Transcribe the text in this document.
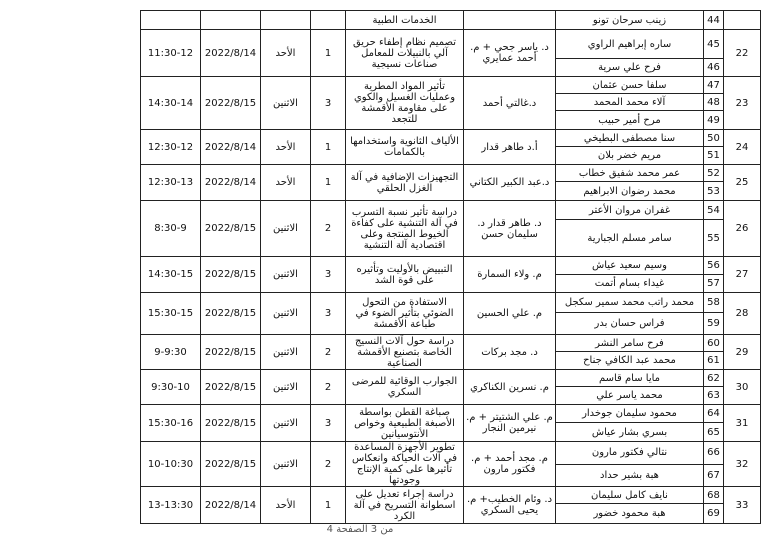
	44	زينب سرحان تونو		الخدمات الطبية				
22	45	ساره إبراهيم الراوي	د. ياسر جحي + م. أحمد عمايري	تصميم نظام إطفاء حريق آلي بالنبيلات للمعامل صناعات نسيجية	1	الأحد	2022/8/14	11:30-12
	46	فرح علي سرية						
23	47	سلفا حسن عثمان	د.غالتي أحمد	تأثير المواد المطرية وعمليات الغسيل والكوي على مقاومة الأقمشة للتجعد	3	الاثنين	2022/8/15	14:30-14
	48	آلاء محمد المحمد						
	49	مرح أمير حبيب						
24	50	سنا مصطفى البطيخي	أ.د طاهر قدار	الألياف الثانوية واستخدامها بالكمامات	1	الأحد	2022/8/14	12:30-12
	51	مريم خضر بلان						
25	52	عمر محمد شفيق خطاب	د.عبد الكبير الكتاني	التجهيزات الإضافية في آلة الغزل الحلقي	1	الأحد	2022/8/14	12:30-13
	53	محمد رضوان الابراهيم						
26	54	غفران مروان الأعتر	د. طاهر قدار د. سليمان حسن	دراسة تأثير نسبة التسرب في آلة التنشية على كفاءة الخيوط المنتجة وعلى اقتصادية آلة التنشية	2	الاثنين	2022/8/15	8:30-9
	55	سامر مسلم الجبارية						
27	56	وسيم سعيد عياش	م. ولاء السمارة	التبييض بالأوليت وتأثيره على قوة الشد	3	الاثنين	2022/8/15	14:30-15
	57	غيداء بسام أتمت						
28	58	محمد راتب محمد سمير سكجل	م. علي الحسين	الاستفادة من التحول الضوئي بتأثير الضوء في طباعة الأقمشة	3	الاثنين	2022/8/15	15:30-15
	59	فراس حسان بدر						
29	60	فرح سامر النشر	د. مجد بركات	دراسة حول آلات النسيج الخاصة بتصنيع الأقمشة الصناعية	2	الاثنين	2022/8/15	9-9:30
	61	محمد عبد الكافي جناح						
30	62	مايا سام قاسم	م. نسرين الكناكري	الجوارب الوقائية للمرضى السكري	2	الاثنين	2022/8/15	9:30-10
	63	محمد ياسر علي						
31	64	محمود سليمان جوخدار	م. علي الشتيتر + م. نيرمين النجار	صباغة القطن بواسطة الأصبغة الطبيعية وخواص الأنتوسيانين	3	الاثنين	2022/8/15	15:30-16
	65	بسري بشار عياش						
32	66	نتالي فكتور مارون	م. مجد أحمد + م. فكتور مارون	تطوير الأجهزة المساعدة في آلات الحياكة وانعكاس تأثيرها على كمية الإنتاج وجودتها	2	الاثنين	2022/8/15	10-10:30
	67	هبة بشير حداد						
33	68	نايف كامل سليمان	د. وئام الخطيب+ م. يحيى السكري	دراسة إجراء تعديل على اسطوانة التسريح في آلة الكرد	1	الأحد	2022/8/14	13-13:30
	69	هبة محمود خضور						
4 من 3 الصفحة
